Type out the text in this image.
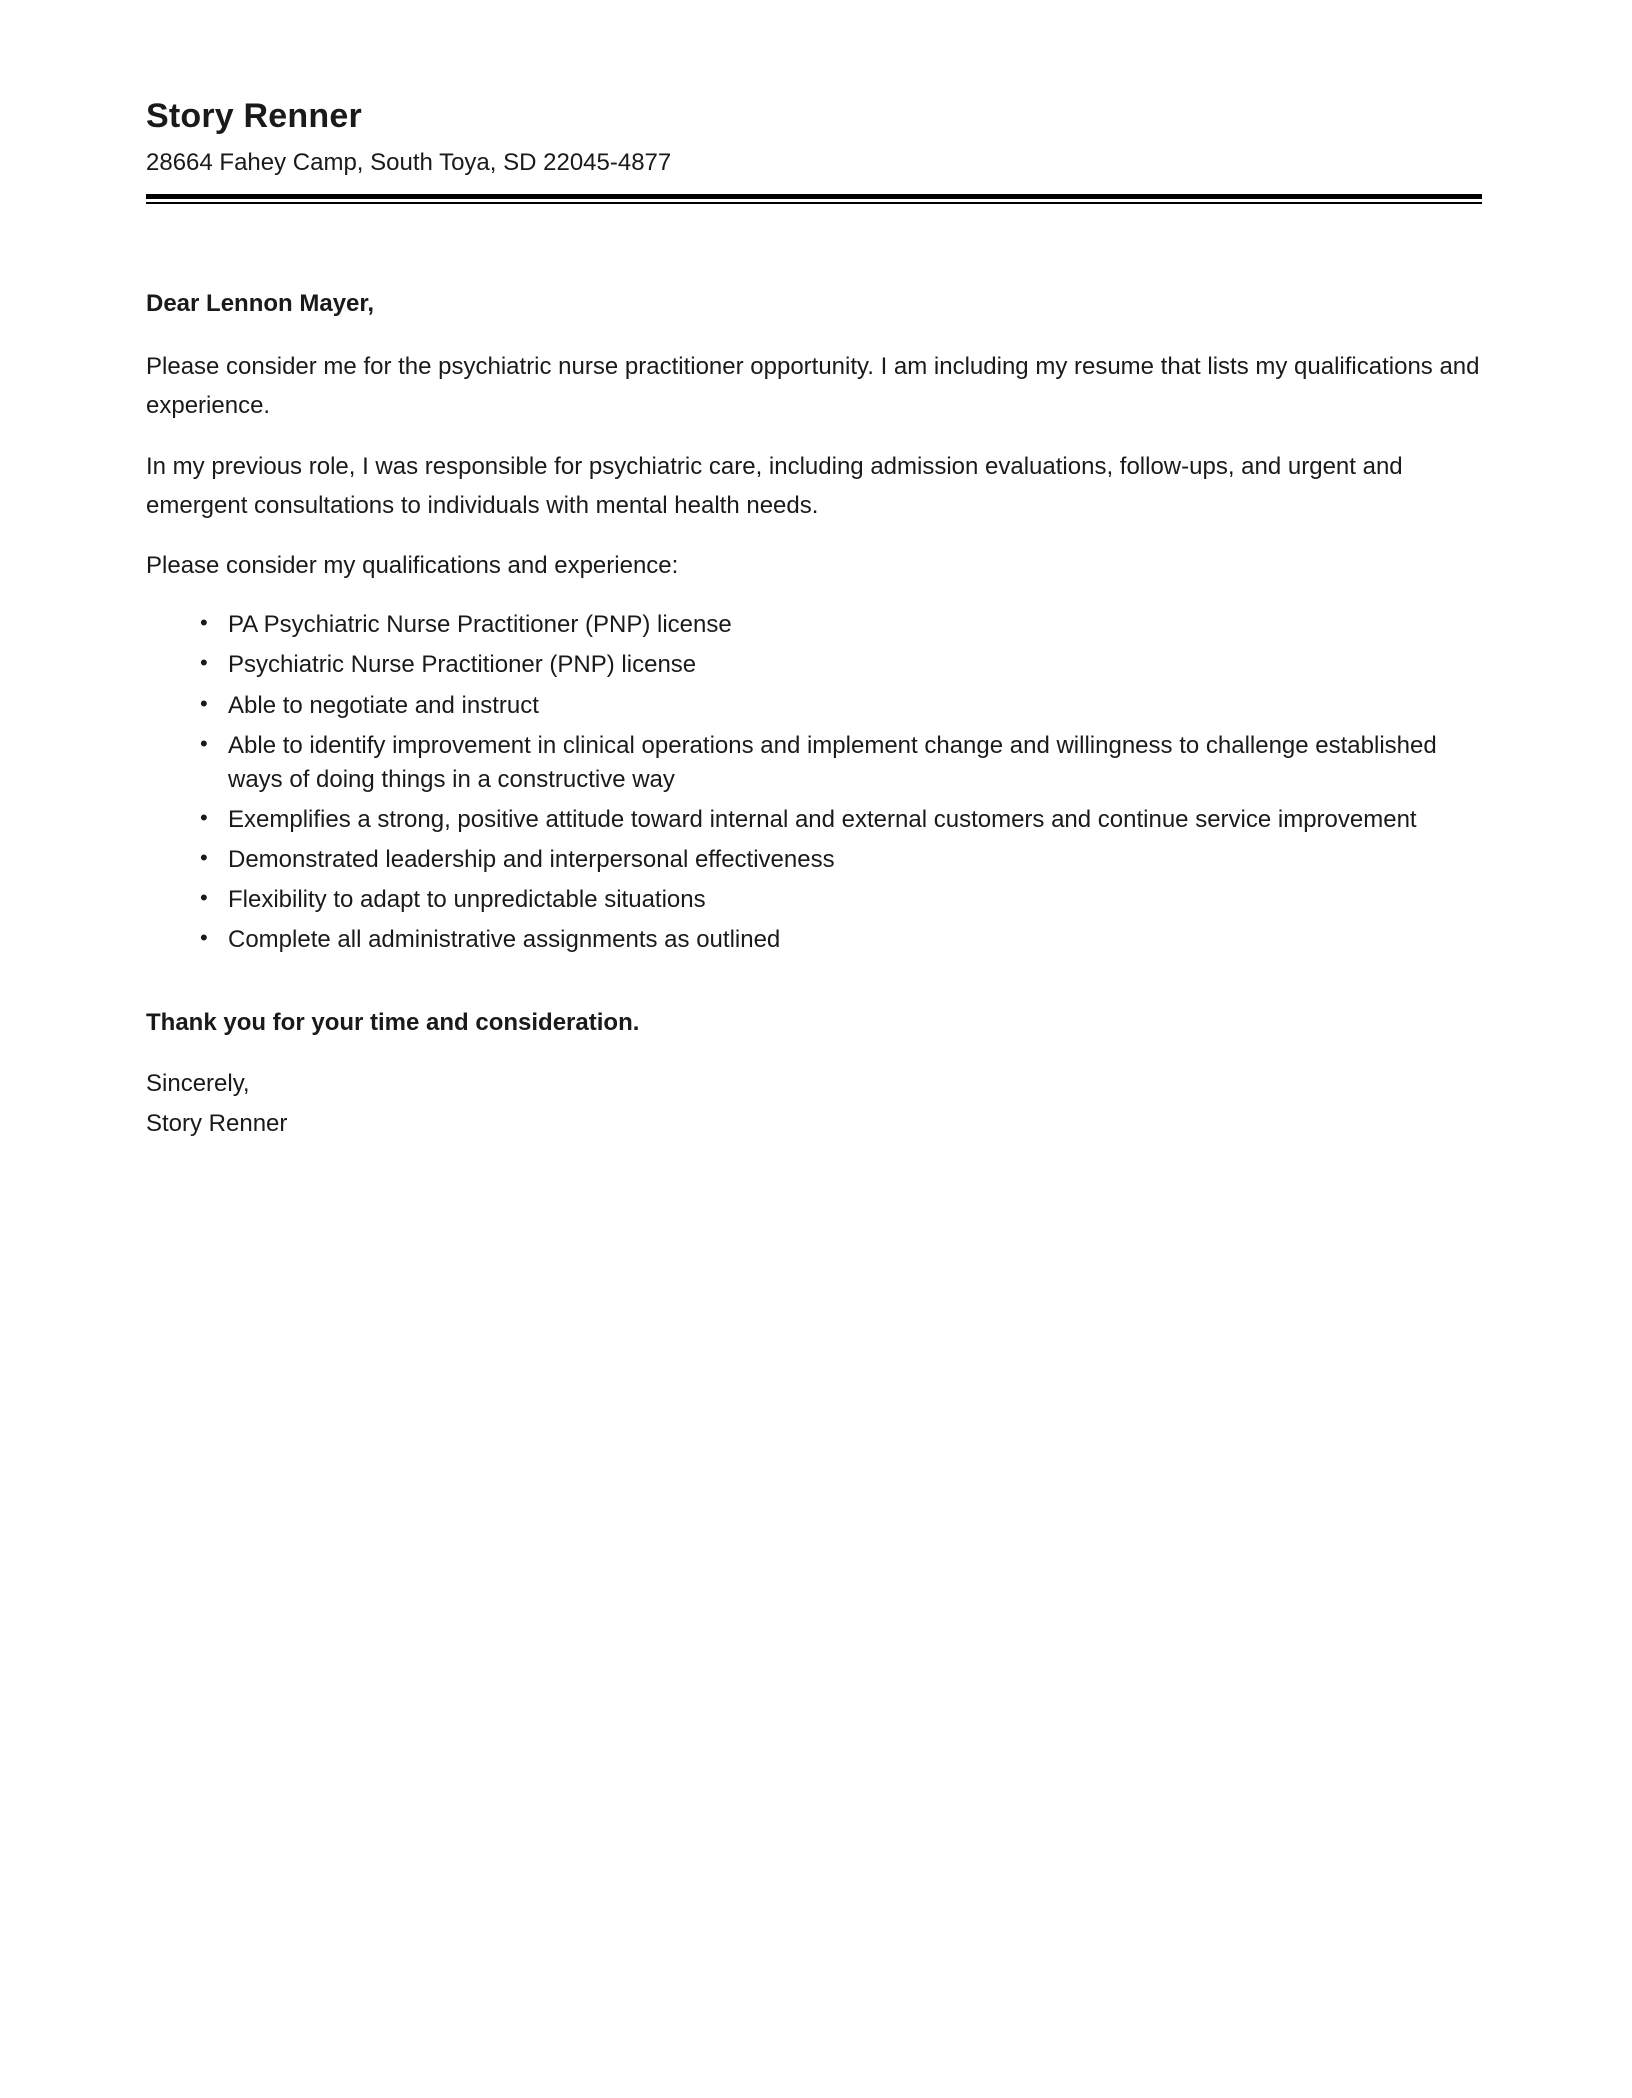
Story Renner

28664 Fahey Camp, South Toya, SD 22045-4877

Dear Lennon Mayer,

Please consider me for the psychiatric nurse practitioner opportunity. I am including my resume that lists my qualifications and experience.

In my previous role, I was responsible for psychiatric care, including admission evaluations, follow-ups, and urgent and emergent consultations to individuals with mental health needs.

Please consider my qualifications and experience:

• PA Psychiatric Nurse Practitioner (PNP) license
• Psychiatric Nurse Practitioner (PNP) license
• Able to negotiate and instruct
• Able to identify improvement in clinical operations and implement change and willingness to challenge established ways of doing things in a constructive way
• Exemplifies a strong, positive attitude toward internal and external customers and continue service improvement
• Demonstrated leadership and interpersonal effectiveness
• Flexibility to adapt to unpredictable situations
• Complete all administrative assignments as outlined

Thank you for your time and consideration.

Sincerely,
Story Renner
